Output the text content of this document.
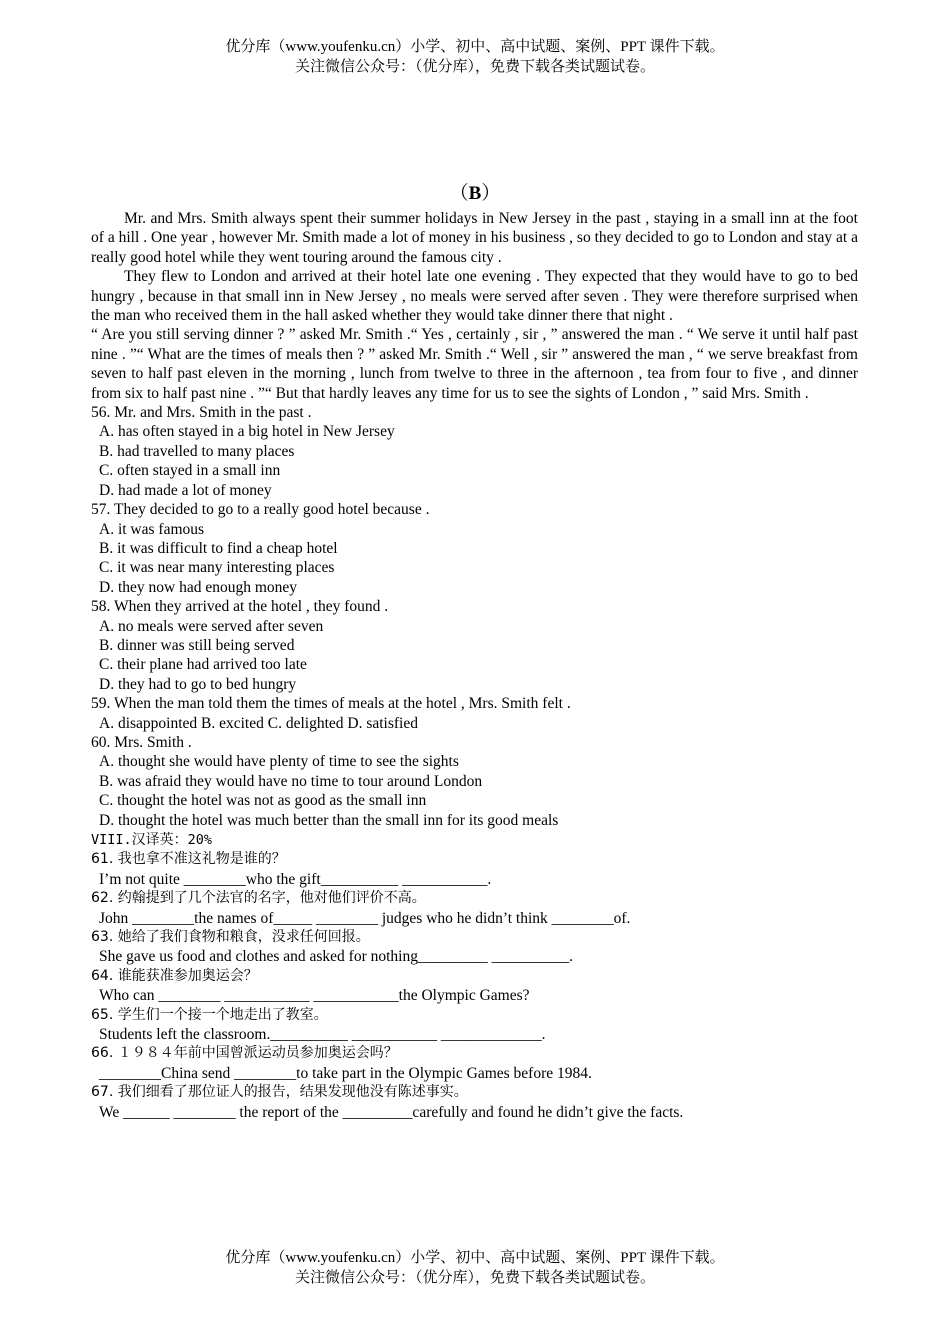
优分库（www.youfenku.cn）小学、初中、高中试题、案例、PPT 课件下载。
关注微信公众号：（优分库），免费下载各类试题试卷。
（B）

Mr. and Mrs. Smith always spent their summer holidays in New Jersey in the past , staying in a small inn at the foot of a hill . One year , however Mr. Smith made a lot of money in his business , so they decided to go to London and stay at a really good hotel while they went touring around the famous city .

They flew to London and arrived at their hotel late one evening . They expected that they would have to go to bed hungry , because in that small inn in New Jersey , no meals were served after seven . They were therefore surprised when the man who received them in the hall asked whether they would take dinner there that night .

“ Are you still serving dinner ? ” asked Mr. Smith .“ Yes , certainly , sir , ” answered the man . “ We serve it until half past nine . ”“ What are the times of meals then ? ” asked Mr. Smith .“ Well , sir ” answered the man , “ we serve breakfast from seven to half past eleven in the morning , lunch from twelve to three in the afternoon , tea from four to five , and dinner from six to half past nine . ”“ But that hardly leaves any time for us to see the sights of London , ” said Mrs. Smith .

56. Mr. and Mrs. Smith in the past .

A. has often stayed in a big hotel in New Jersey

B. had travelled to many places

C. often stayed in a small inn

D. had made a lot of money

57. They decided to go to a really good hotel because .

A. it was famous

B. it was difficult to find a cheap hotel

C. it was near many interesting places

D. they now had enough money

58. When they arrived at the hotel , they found .

A. no meals were served after seven

B. dinner was still being served

C. their plane had arrived too late

D. they had to go to bed hungry

59. When the man told them the times of meals at the hotel , Mrs. Smith felt .

A. disappointed B. excited C. delighted D. satisfied

60. Mrs. Smith .

A. thought she would have plenty of time to see the sights

B. was afraid they would have no time to tour around London

C. thought the hotel was not as good as the small inn

D. thought the hotel was much better than the small inn for its good meals

VIII.汉译英：20%

61. 我也拿不准这礼物是谁的？

I’m not quite ________who the gift__________ ___________.

62. 约翰提到了几个法官的名字，他对他们评价不高。

John ________the names of_____ ________ judges who he didn’t think ________of.

63. 她给了我们食物和粮食，没求任何回报。

She gave us food and clothes and asked for nothing_________ __________.

64. 谁能获准参加奥运会？

Who can ________ ___________ ___________the Olympic Games?

65. 学生们一个接一个地走出了教室。

Students left the classroom.__________ ___________ _____________.

66. １９８４年前中国曾派运动员参加奥运会吗？

________China send ________to take part in the Olympic Games before 1984.

67. 我们细看了那位证人的报告，结果发现他没有陈述事实。

We ______ ________ the report of the _________carefully and found he didn’t give the facts.

优分库（www.youfenku.cn）小学、初中、高中试题、案例、PPT 课件下载。
关注微信公众号：（优分库），免费下载各类试题试卷。
